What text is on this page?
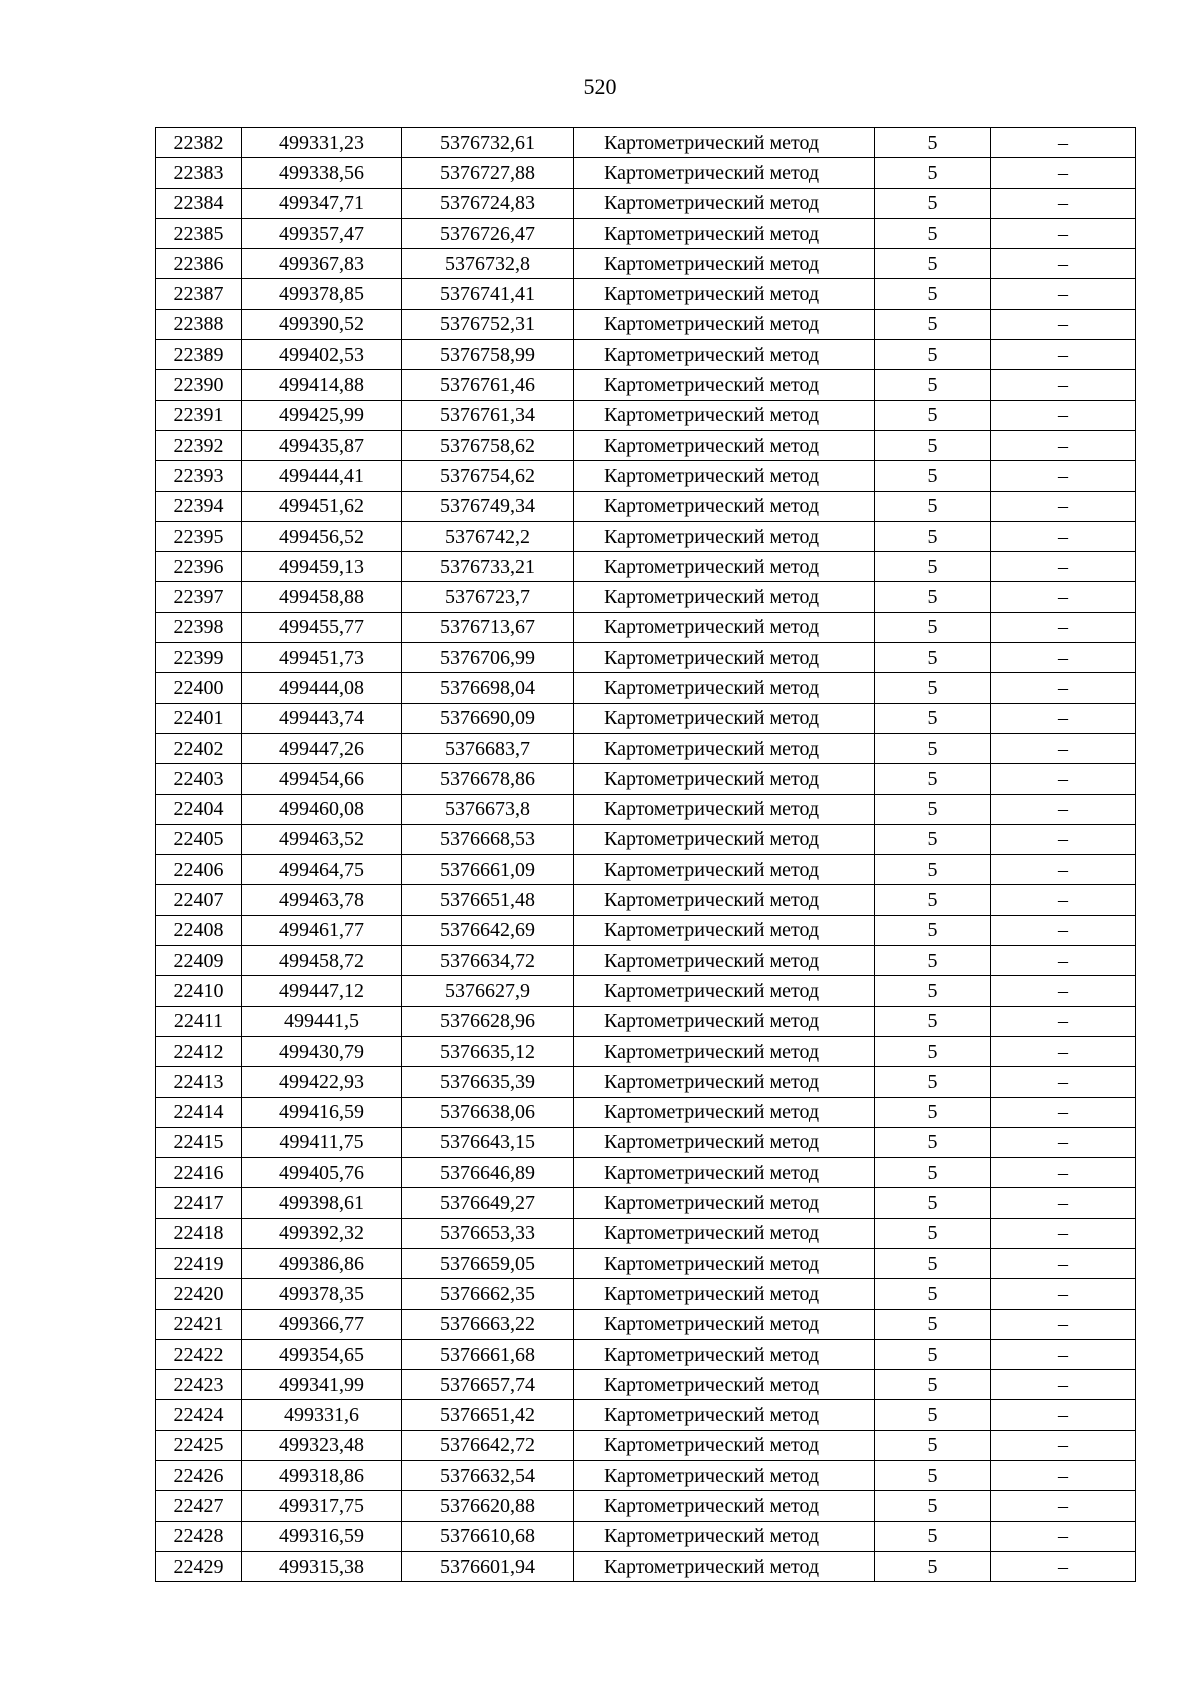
520
22382	499331,23	5376732,61	Картометрический метод	5	–
22383	499338,56	5376727,88	Картометрический метод	5	–
22384	499347,71	5376724,83	Картометрический метод	5	–
22385	499357,47	5376726,47	Картометрический метод	5	–
22386	499367,83	5376732,8	Картометрический метод	5	–
22387	499378,85	5376741,41	Картометрический метод	5	–
22388	499390,52	5376752,31	Картометрический метод	5	–
22389	499402,53	5376758,99	Картометрический метод	5	–
22390	499414,88	5376761,46	Картометрический метод	5	–
22391	499425,99	5376761,34	Картометрический метод	5	–
22392	499435,87	5376758,62	Картометрический метод	5	–
22393	499444,41	5376754,62	Картометрический метод	5	–
22394	499451,62	5376749,34	Картометрический метод	5	–
22395	499456,52	5376742,2	Картометрический метод	5	–
22396	499459,13	5376733,21	Картометрический метод	5	–
22397	499458,88	5376723,7	Картометрический метод	5	–
22398	499455,77	5376713,67	Картометрический метод	5	–
22399	499451,73	5376706,99	Картометрический метод	5	–
22400	499444,08	5376698,04	Картометрический метод	5	–
22401	499443,74	5376690,09	Картометрический метод	5	–
22402	499447,26	5376683,7	Картометрический метод	5	–
22403	499454,66	5376678,86	Картометрический метод	5	–
22404	499460,08	5376673,8	Картометрический метод	5	–
22405	499463,52	5376668,53	Картометрический метод	5	–
22406	499464,75	5376661,09	Картометрический метод	5	–
22407	499463,78	5376651,48	Картометрический метод	5	–
22408	499461,77	5376642,69	Картометрический метод	5	–
22409	499458,72	5376634,72	Картометрический метод	5	–
22410	499447,12	5376627,9	Картометрический метод	5	–
22411	499441,5	5376628,96	Картометрический метод	5	–
22412	499430,79	5376635,12	Картометрический метод	5	–
22413	499422,93	5376635,39	Картометрический метод	5	–
22414	499416,59	5376638,06	Картометрический метод	5	–
22415	499411,75	5376643,15	Картометрический метод	5	–
22416	499405,76	5376646,89	Картометрический метод	5	–
22417	499398,61	5376649,27	Картометрический метод	5	–
22418	499392,32	5376653,33	Картометрический метод	5	–
22419	499386,86	5376659,05	Картометрический метод	5	–
22420	499378,35	5376662,35	Картометрический метод	5	–
22421	499366,77	5376663,22	Картометрический метод	5	–
22422	499354,65	5376661,68	Картометрический метод	5	–
22423	499341,99	5376657,74	Картометрический метод	5	–
22424	499331,6	5376651,42	Картометрический метод	5	–
22425	499323,48	5376642,72	Картометрический метод	5	–
22426	499318,86	5376632,54	Картометрический метод	5	–
22427	499317,75	5376620,88	Картометрический метод	5	–
22428	499316,59	5376610,68	Картометрический метод	5	–
22429	499315,38	5376601,94	Картометрический метод	5	–
